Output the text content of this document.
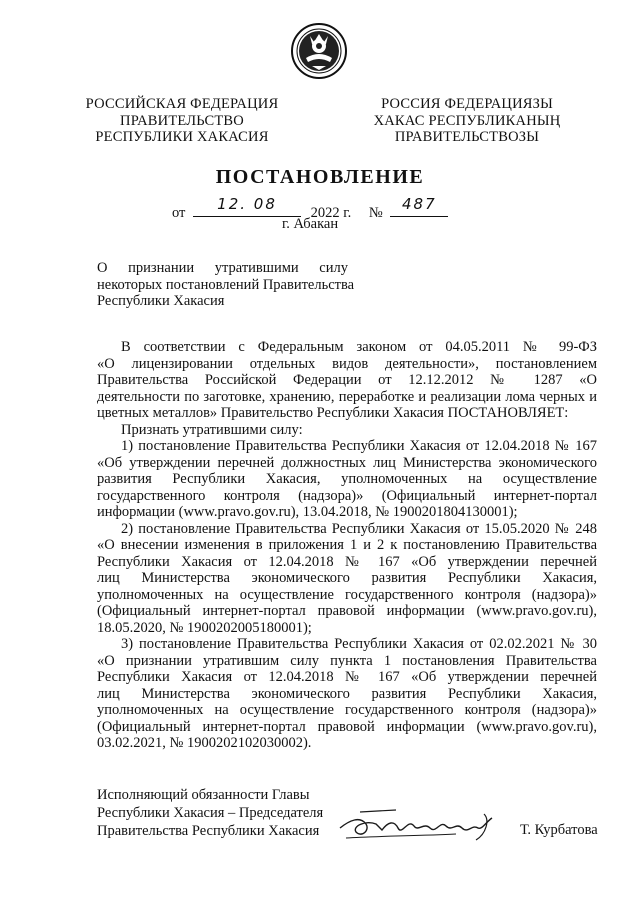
РОССИЙСКАЯ ФЕДЕРАЦИЯ
ПРАВИТЕЛЬСТВО
РЕСПУБЛИКИ ХАКАСИЯ
РОССИЯ ФЕДЕРАЦИЯЗЫ
ХАКАС РЕСПУБЛИКАНЫҢ
ПРАВИТЕЛЬСТВОЗЫ
ПОСТАНОВЛЕНИЕ
от	12. 08	2022 г. №	487
г. Абакан
О признании утратившими силу
некоторых постановлений Правительства
Республики Хакасия
В соответствии с Федеральным законом от 04.05.2011 № 99-ФЗ
«О лицензировании отдельных видов деятельности», постановлением
Правительства Российской Федерации от 12.12.2012 № 1287 «О
деятельности по заготовке, хранению, переработке и реализации лома черных и
цветных металлов» Правительство Республики Хакасия ПОСТАНОВЛЯЕТ:
Признать утратившими силу:
1) постановление Правительства Республики Хакасия от 12.04.2018 № 167
«Об утверждении перечней должностных лиц Министерства экономического
развития Республики Хакасия, уполномоченных на осуществление
государственного контроля (надзора)» (Официальный интернет-портал
информации (www.pravo.gov.ru), 13.04.2018, № 1900201804130001);
2) постановление Правительства Республики Хакасия от 15.05.2020 № 248
«О внесении изменения в приложения 1 и 2 к постановлению Правительства
Республики Хакасия от 12.04.2018 № 167 «Об утверждении перечней
лиц Министерства экономического развития Республики Хакасия,
уполномоченных на осуществление государственного контроля (надзора)»
(Официальный интернет-портал правовой информации (www.pravo.gov.ru),
18.05.2020, № 1900202005180001);
3) постановление Правительства Республики Хакасия от 02.02.2021 № 30
«О признании утратившим силу пункта 1 постановления Правительства
Республики Хакасия от 12.04.2018 № 167 «Об утверждении перечней
лиц Министерства экономического развития Республики Хакасия,
уполномоченных на осуществление государственного контроля (надзора)»
(Официальный интернет-портал правовой информации (www.pravo.gov.ru),
03.02.2021, № 1900202102030002).
Исполняющий обязанности Главы
Республики Хакасия – Председателя
Правительства Республики Хакасия	Т. Курбатова
